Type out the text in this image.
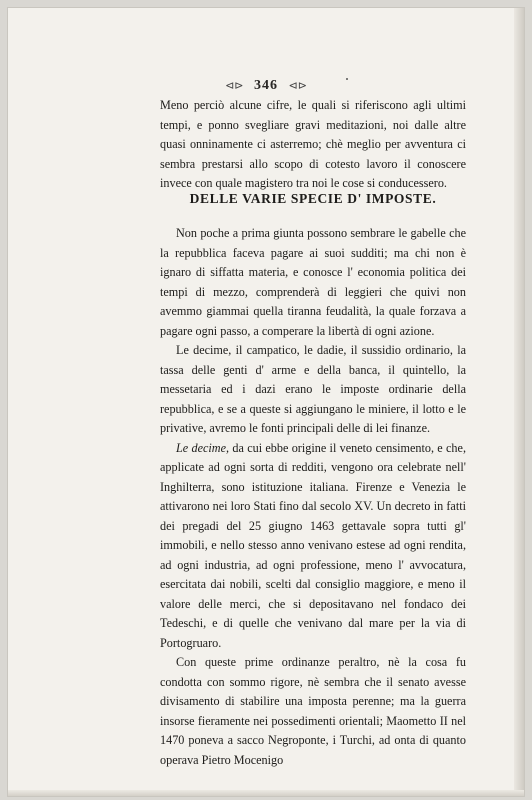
⊲⊳ 346 ⊲⊳

Meno perciò alcune cifre, le quali si riferiscono agli ultimi tempi, e ponno svegliare gravi meditazioni, noi dalle altre quasi onninamente ci asterremo; chè meglio per avventura ci sembra prestarsi allo scopo di cotesto lavoro il conoscere invece con quale magistero tra noi le cose si conducessero.

DELLE VARIE SPECIE D' IMPOSTE.

Non poche a prima giunta possono sembrare le gabelle che la repubblica faceva pagare ai suoi sudditi; ma chi non è ignaro di siffatta materia, e conosce l' economia politica dei tempi di mezzo, comprenderà di leggieri che quivi non avemmo giammai quella tiranna feudalità, la quale forzava a pagare ogni passo, a comperare la libertà di ogni azione.

Le decime, il campatico, le dadie, il sussidio ordinario, la tassa delle genti d' arme e della banca, il quintello, la messetaria ed i dazi erano le imposte ordinarie della repubblica, e se a queste si aggiungano le miniere, il lotto e le privative, avremo le fonti principali delle di lei finanze.

Le decime, da cui ebbe origine il veneto censimento, e che, applicate ad ogni sorta di redditi, vengono ora celebrate nell' Inghilterra, sono istituzione italiana. Firenze e Venezia le attivarono nei loro Stati fino dal secolo XV. Un decreto in fatti dei pregadi del 25 giugno 1463 gettavale sopra tutti gl' immobili, e nello stesso anno venivano estese ad ogni rendita, ad ogni industria, ad ogni professione, meno l' avvocatura, esercitata dai nobili, scelti dal consiglio maggiore, e meno il valore delle merci, che si depositavano nel fondaco dei Tedeschi, e di quelle che venivano dal mare per la via di Portogruaro.

Con queste prime ordinanze peraltro, nè la cosa fu condotta con sommo rigore, nè sembra che il senato avesse divisamento di stabilire una imposta perenne; ma la guerra insorse fieramente nei possedimenti orientali; Maometto II nel 1470 poneva a sacco Negroponte, i Turchi, ad onta di quanto operava Pietro Mocenigo
